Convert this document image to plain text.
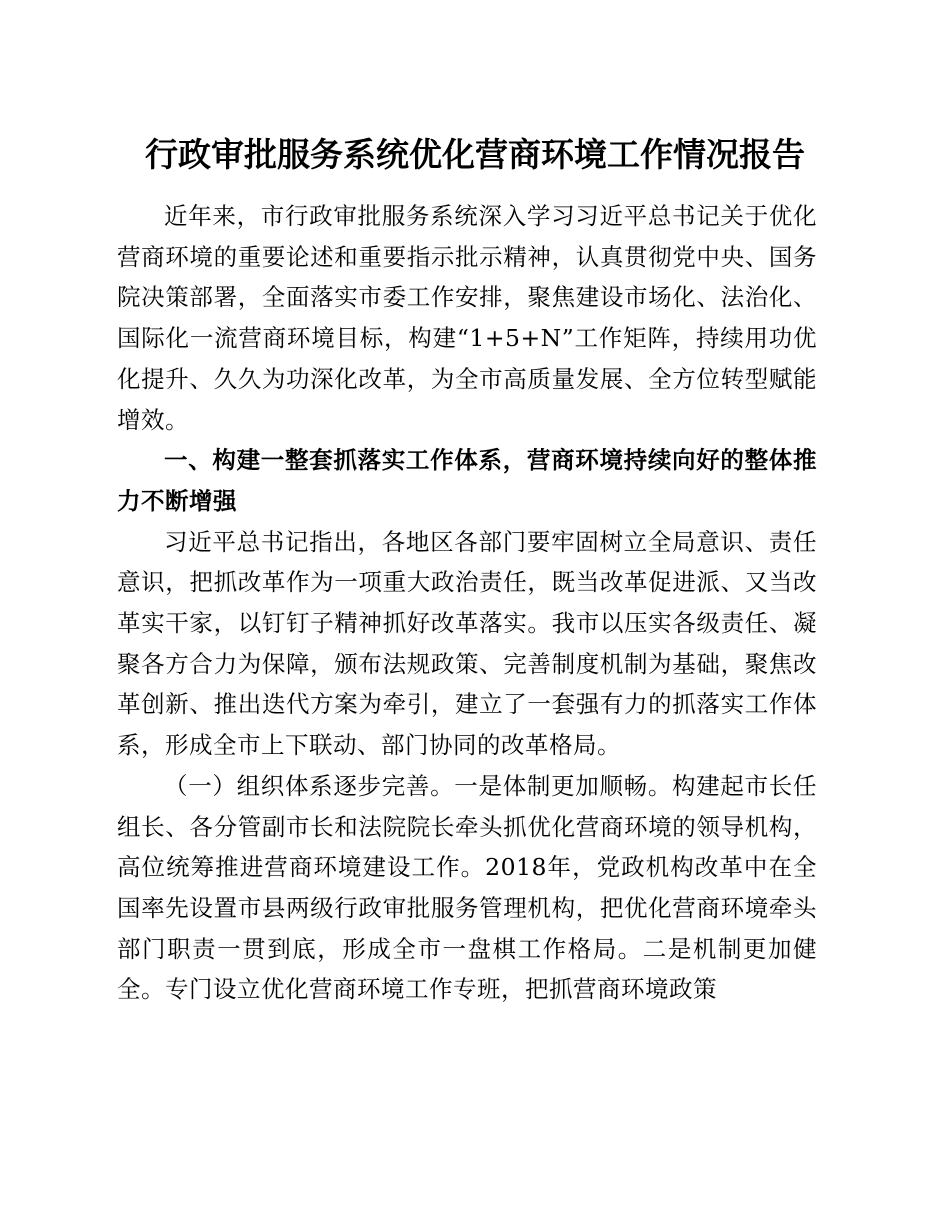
行政审批服务系统优化营商环境工作情况报告

近年来，市行政审批服务系统深入学习习近平总书记关于优化营商环境的重要论述和重要指示批示精神，认真贯彻党中央、国务院决策部署，全面落实市委工作安排，聚焦建设市场化、法治化、国际化一流营商环境目标，构建“1+5+N”工作矩阵，持续用功优化提升、久久为功深化改革，为全市高质量发展、全方位转型赋能增效。

一、构建一整套抓落实工作体系，营商环境持续向好的整体推力不断增强

习近平总书记指出，各地区各部门要牢固树立全局意识、责任意识，把抓改革作为一项重大政治责任，既当改革促进派、又当改革实干家，以钉钉子精神抓好改革落实。我市以压实各级责任、凝聚各方合力为保障，颁布法规政策、完善制度机制为基础，聚焦改革创新、推出迭代方案为牵引，建立了一套强有力的抓落实工作体系，形成全市上下联动、部门协同的改革格局。

（一）组织体系逐步完善。一是体制更加顺畅。构建起市长任组长、各分管副市长和法院院长牵头抓优化营商环境的领导机构，高位统筹推进营商环境建设工作。2018年，党政机构改革中在全国率先设置市县两级行政审批服务管理机构，把优化营商环境牵头部门职责一贯到底，形成全市一盘棋工作格局。二是机制更加健全。专门设立优化营商环境工作专班，把抓营商环境政策
